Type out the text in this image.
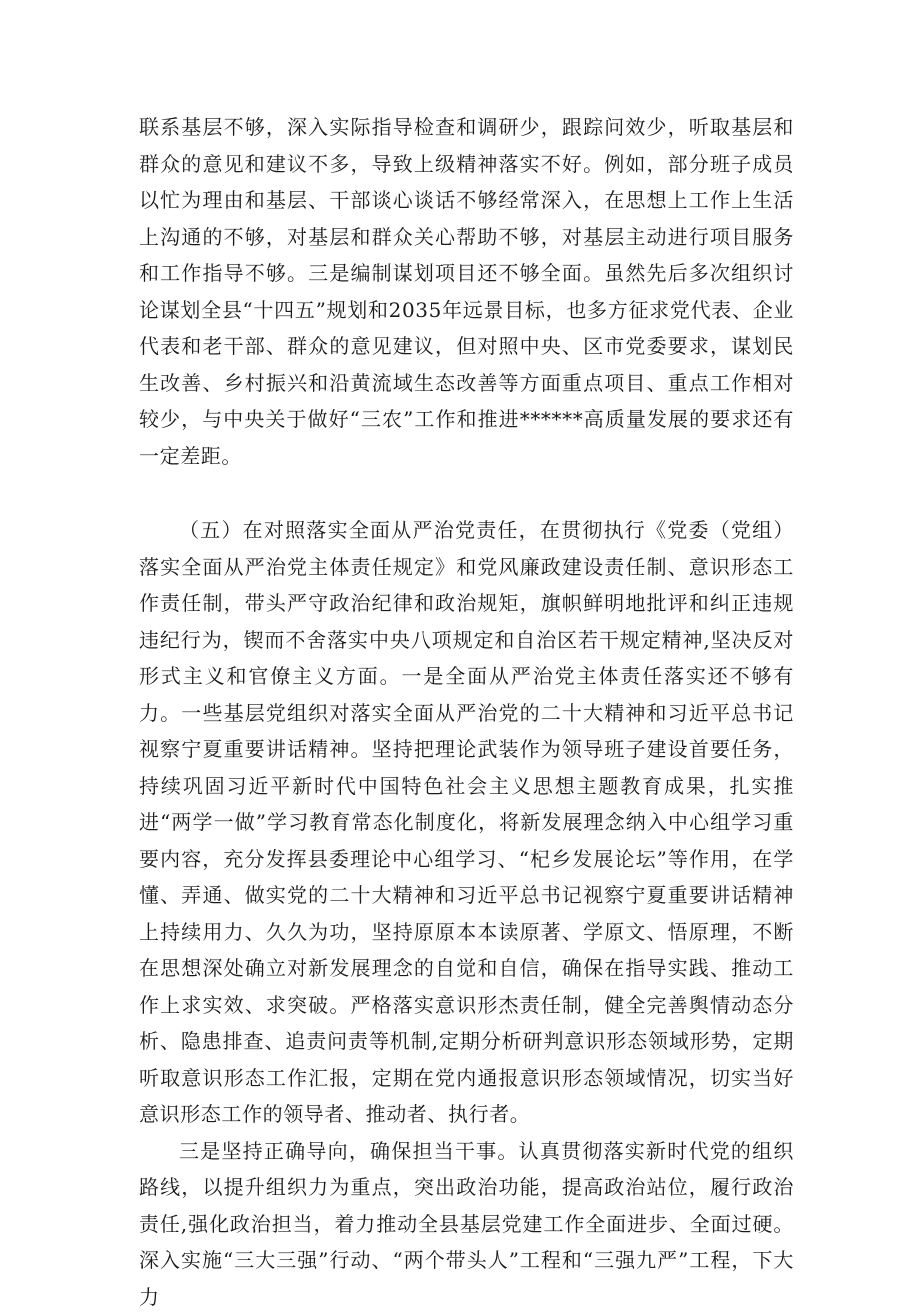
联系基层不够，深入实际指导检查和调研少，跟踪问效少，听取基层和群众的意见和建议不多，导致上级精神落实不好。例如，部分班子成员以忙为理由和基层、干部谈心谈话不够经常深入，在思想上工作上生活上沟通的不够，对基层和群众关心帮助不够，对基层主动进行项目服务和工作指导不够。三是编制谋划项目还不够全面。虽然先后多次组织讨论谋划全县“十四五”规划和2035年远景目标，也多方征求党代表、企业代表和老干部、群众的意见建议，但对照中央、区市党委要求，谋划民生改善、乡村振兴和沿黄流域生态改善等方面重点项目、重点工作相对较少，与中央关于做好“三农”工作和推进******高质量发展的要求还有一定差距。

（五）在对照落实全面从严治党责任，在贯彻执行《党委（党组）落实全面从严治党主体责任规定》和党风廉政建设责任制、意识形态工作责任制，带头严守政治纪律和政治规矩，旗帜鲜明地批评和纠正违规违纪行为，锲而不舍落实中央八项规定和自治区若干规定精神,坚决反对形式主义和官僚主义方面。一是全面从严治党主体责任落实还不够有力。一些基层党组织对落实全面从严治党的二十大精神和习近平总书记视察宁夏重要讲话精神。坚持把理论武装作为领导班子建设首要任务，持续巩固习近平新时代中国特色社会主义思想主题教育成果，扎实推进“两学一做”学习教育常态化制度化，将新发展理念纳入中心组学习重要内容，充分发挥县委理论中心组学习、“杞乡发展论坛”等作用，在学懂、弄通、做实党的二十大精神和习近平总书记视察宁夏重要讲话精神上持续用力、久久为功，坚持原原本本读原著、学原文、悟原理，不断在思想深处确立对新发展理念的自觉和自信，确保在指导实践、推动工作上求实效、求突破。严格落实意识形杰责任制，健全完善舆情动态分析、隐患排查、追责问责等机制,定期分析研判意识形态领域形势，定期听取意识形态工作汇报，定期在党内通报意识形态领域情况，切实当好意识形态工作的领导者、推动者、执行者。

三是坚持正确导向，确保担当干事。认真贯彻落实新时代党的组织路线，以提升组织力为重点，突出政治功能，提高政治站位，履行政治责任,强化政治担当，着力推动全县基层党建工作全面进步、全面过硬。深入实施“三大三强”行动、“两个带头人”工程和“三强九严”工程，下大力
